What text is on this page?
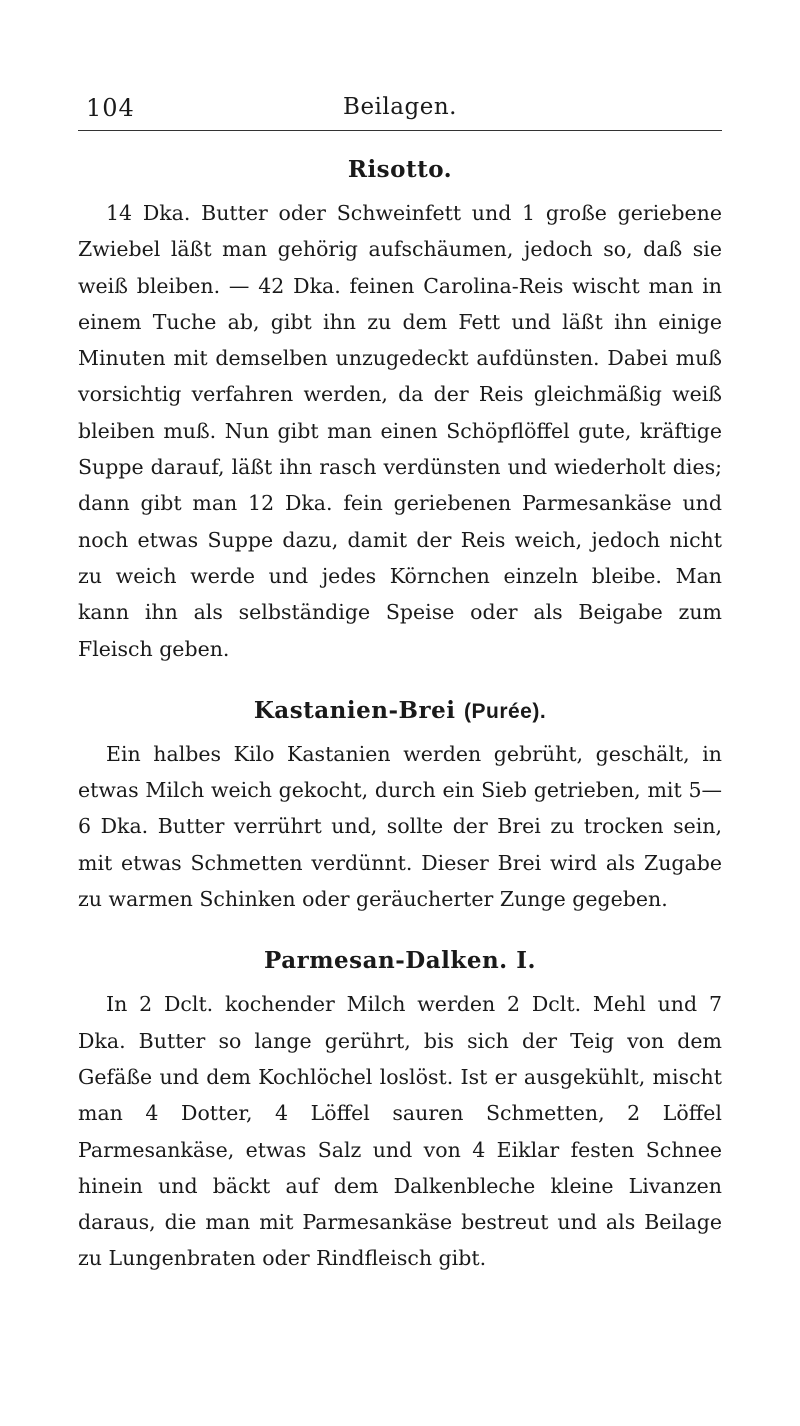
104	Beilagen.
Risotto.

14 Dka. Butter oder Schweinfett und 1 große geriebene Zwiebel läßt man gehörig aufschäumen, jedoch so, daß sie weiß bleiben. — 42 Dka. feinen Carolina-Reis wischt man in einem Tuche ab, gibt ihn zu dem Fett und läßt ihn einige Minuten mit demselben unzugedeckt aufdünsten. Dabei muß vorsichtig verfahren werden, da der Reis gleichmäßig weiß bleiben muß. Nun gibt man einen Schöpflöffel gute, kräftige Suppe darauf, läßt ihn rasch verdünsten und wiederholt dies; dann gibt man 12 Dka. fein geriebenen Parmesankäse und noch etwas Suppe dazu, damit der Reis weich, jedoch nicht zu weich werde und jedes Körnchen einzeln bleibe. Man kann ihn als selbständige Speise oder als Beigabe zum Fleisch geben.

Kastanien-Brei (Purée).

Ein halbes Kilo Kastanien werden gebrüht, geschält, in etwas Milch weich gekocht, durch ein Sieb getrieben, mit 5—6 Dka. Butter verrührt und, sollte der Brei zu trocken sein, mit etwas Schmetten verdünnt. Dieser Brei wird als Zugabe zu warmen Schinken oder geräucherter Zunge gegeben.

Parmesan-Dalken. I.

In 2 Dclt. kochender Milch werden 2 Dclt. Mehl und 7 Dka. Butter so lange gerührt, bis sich der Teig von dem Gefäße und dem Kochlöchel loslöst. Ist er ausgekühlt, mischt man 4 Dotter, 4 Löffel sauren Schmetten, 2 Löffel Parmesankäse, etwas Salz und von 4 Eiklar festen Schnee hinein und bäckt auf dem Dalkenbleche kleine Livanzen daraus, die man mit Parmesankäse bestreut und als Beilage zu Lungenbraten oder Rindfleisch gibt.
